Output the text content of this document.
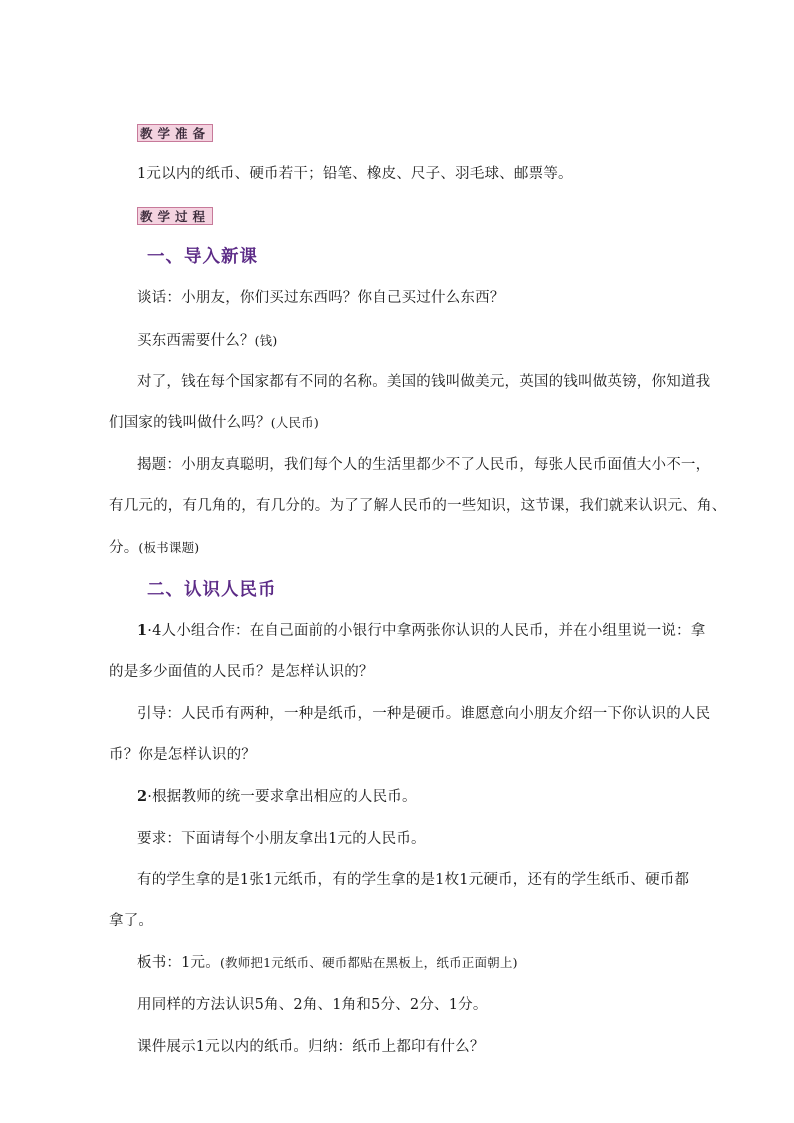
教学准备
1元以内的纸币、硬币若干；铅笔、橡皮、尺子、羽毛球、邮票等。
教学过程
一、导入新课
谈话：小朋友，你们买过东西吗？你自己买过什么东西？
买东西需要什么？(钱)
对了，钱在每个国家都有不同的名称。美国的钱叫做美元，英国的钱叫做英镑，你知道我
们国家的钱叫做什么吗？(人民币)
揭题：小朋友真聪明，我们每个人的生活里都少不了人民币，每张人民币面值大小不一，
有几元的，有几角的，有几分的。为了了解人民币的一些知识，这节课，我们就来认识元、角、
分。(板书课题)
二、认识人民币
1·4人小组合作：在自己面前的小银行中拿两张你认识的人民币，并在小组里说一说：拿
的是多少面值的人民币？是怎样认识的？
引导：人民币有两种，一种是纸币，一种是硬币。谁愿意向小朋友介绍一下你认识的人民
币？你是怎样认识的？
2·根据教师的统一要求拿出相应的人民币。
要求：下面请每个小朋友拿出1元的人民币。
有的学生拿的是1张1元纸币，有的学生拿的是1枚1元硬币，还有的学生纸币、硬币都
拿了。
板书：1元。(教师把1元纸币、硬币都贴在黑板上，纸币正面朝上)
用同样的方法认识5角、2角、1角和5分、2分、1分。
课件展示1元以内的纸币。归纳：纸币上都印有什么？
